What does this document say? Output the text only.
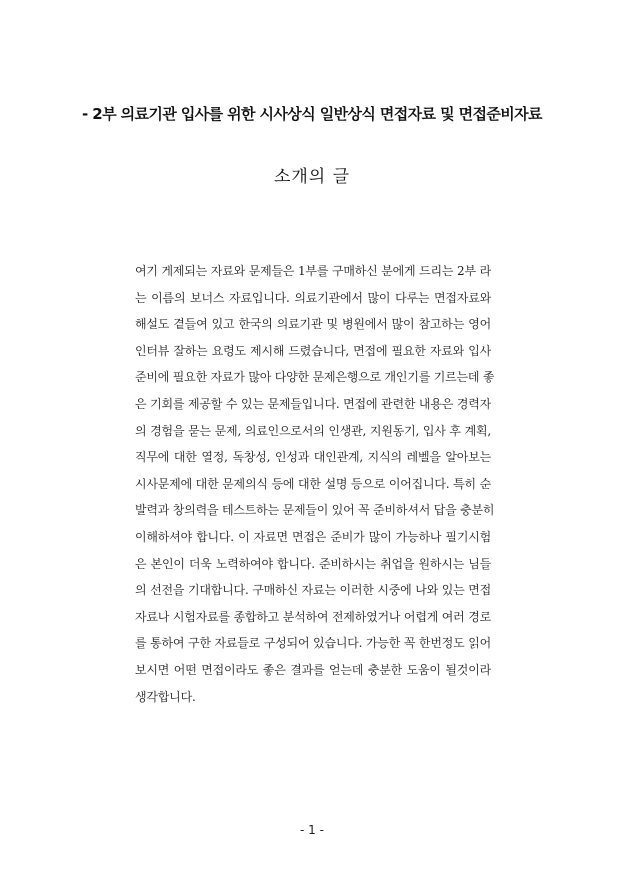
- 2부 의료기관 입사를 위한 시사상식 일반상식 면접자료 및 면접준비자료
소개의 글
여기 게제되는 자료와 문제들은 1부를 구매하신 분에게 드리는 2부 라
는 이름의 보너스 자료입니다. 의료기관에서 많이 다루는 면접자료와
해설도 곁들여 있고 한국의 의료기관 및 병원에서 많이 참고하는 영어
인터뷰 잘하는 요령도 제시해 드렸습니다, 면접에 필요한 자료와 입사
준비에 필요한 자료가 많아 다양한 문제은행으로 개인기를 기르는데 좋
은 기회를 제공할 수 있는 문제들입니다. 면접에 관련한 내용은 경력자
의 경험을 묻는 문제, 의료인으로서의 인생관, 지원동기, 입사 후 계획,
직무에 대한 열정, 독창성, 인성과 대인관계, 지식의 레벨을 알아보는
시사문제에 대한 문제의식 등에 대한 설명 등으로 이어집니다. 특히 순
발력과 창의력을 테스트하는 문제들이 있어 꼭 준비하셔서 답을 충분히
이해하셔야 합니다. 이 자료면 면접은 준비가 많이 가능하나 필기시험
은 본인이 더욱 노력하여야 합니다. 준비하시는 취업을 원하시는 님들
의 선전을 기대합니다. 구매하신 자료는 이러한 시중에 나와 있는 면접
자료나 시험자료를 종합하고 분석하여 전제하였거나 어렵게 여러 경로
를 통하여 구한 자료들로 구성되어 있습니다. 가능한 꼭 한번정도 읽어
보시면 어떤 면접이라도 좋은 결과를 얻는데 충분한 도움이 될것이라
생각합니다.
- 1 -
